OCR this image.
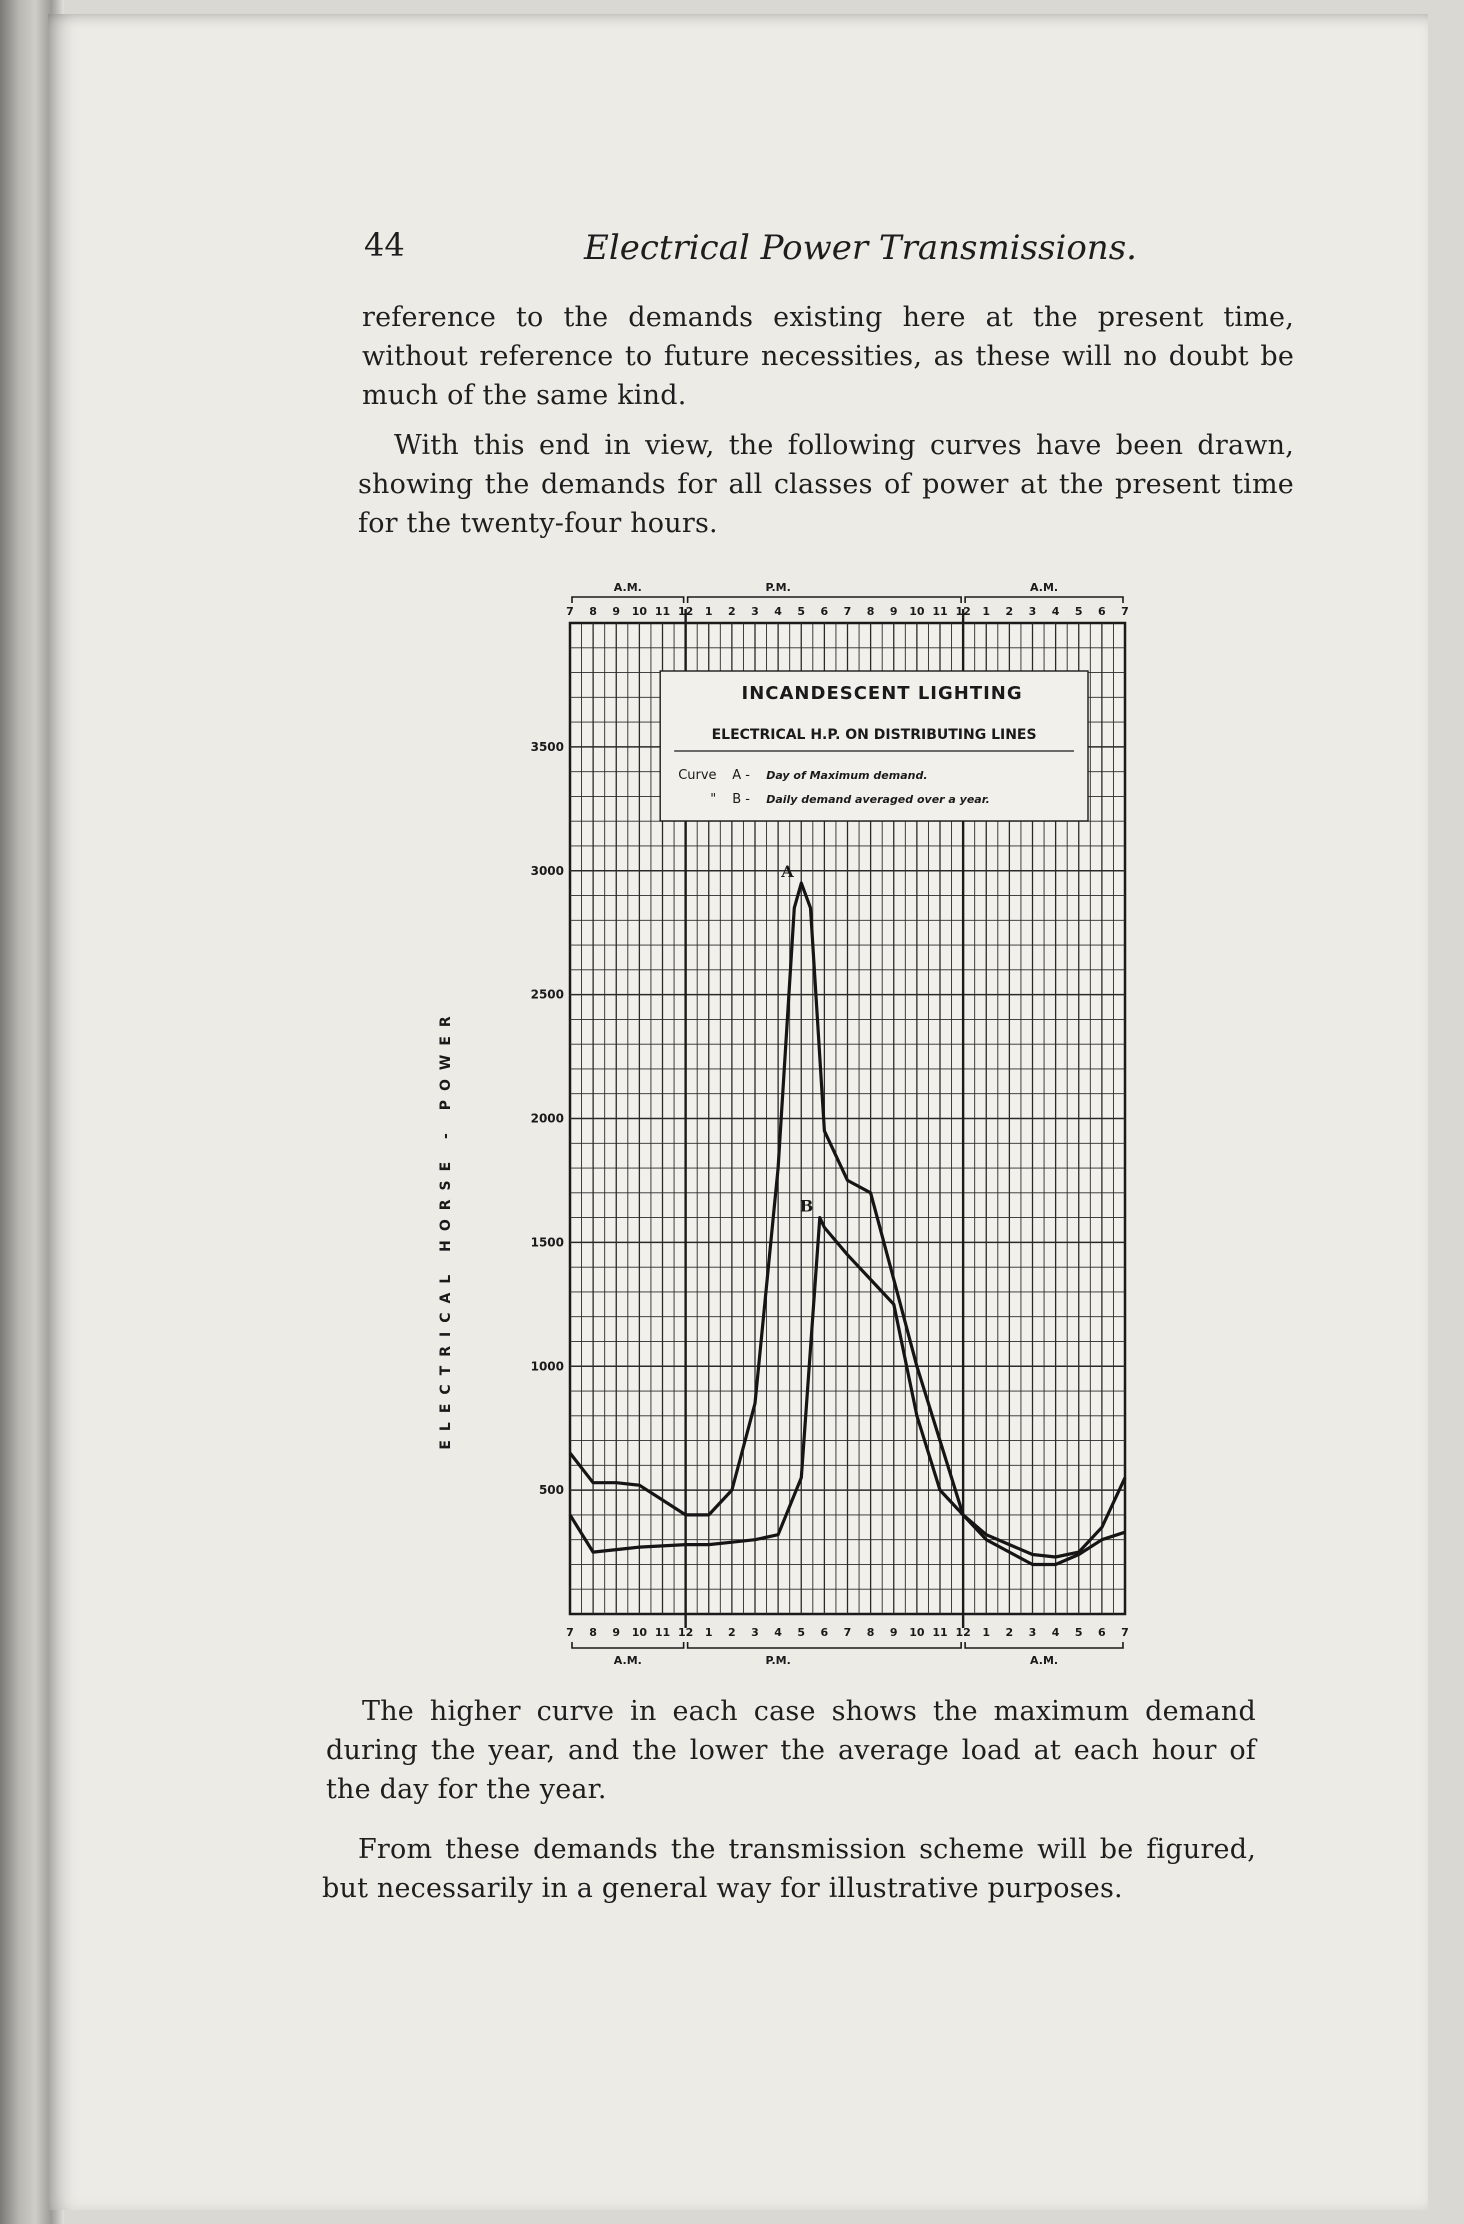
44	Electrical Power Transmissions.
reference to the demands existing here at the present time, without reference to future necessities, as these will no doubt be much of the same kind.
With this end in view, the following curves have been drawn, showing the demands for all classes of power at the present time for the twenty-four hours.
7
7
8
8
9
9
10
10
11
11
12
12
1
1
2
2
3
3
4
4
5
5
6
6
7
7
8
8
9
9
10
10
11
11
12
12
1
1
2
2
3
3
4
4
5
5
6
6
7
7
A.M.
A.M.
P.M.
P.M.
A.M.
A.M.
500
1000
1500
2000
2500
3000
3500
ELECTRICAL HORSE - POWER
INCANDESCENT LIGHTING
ELECTRICAL H.P. ON DISTRIBUTING LINES
Curve A - Day of Maximum demand.
" B - Daily demand averaged over a year.
A
B
The higher curve in each case shows the maximum demand during the year, and the lower the average load at each hour of the day for the year.
From these demands the transmission scheme will be figured, but necessarily in a general way for illustrative purposes.
